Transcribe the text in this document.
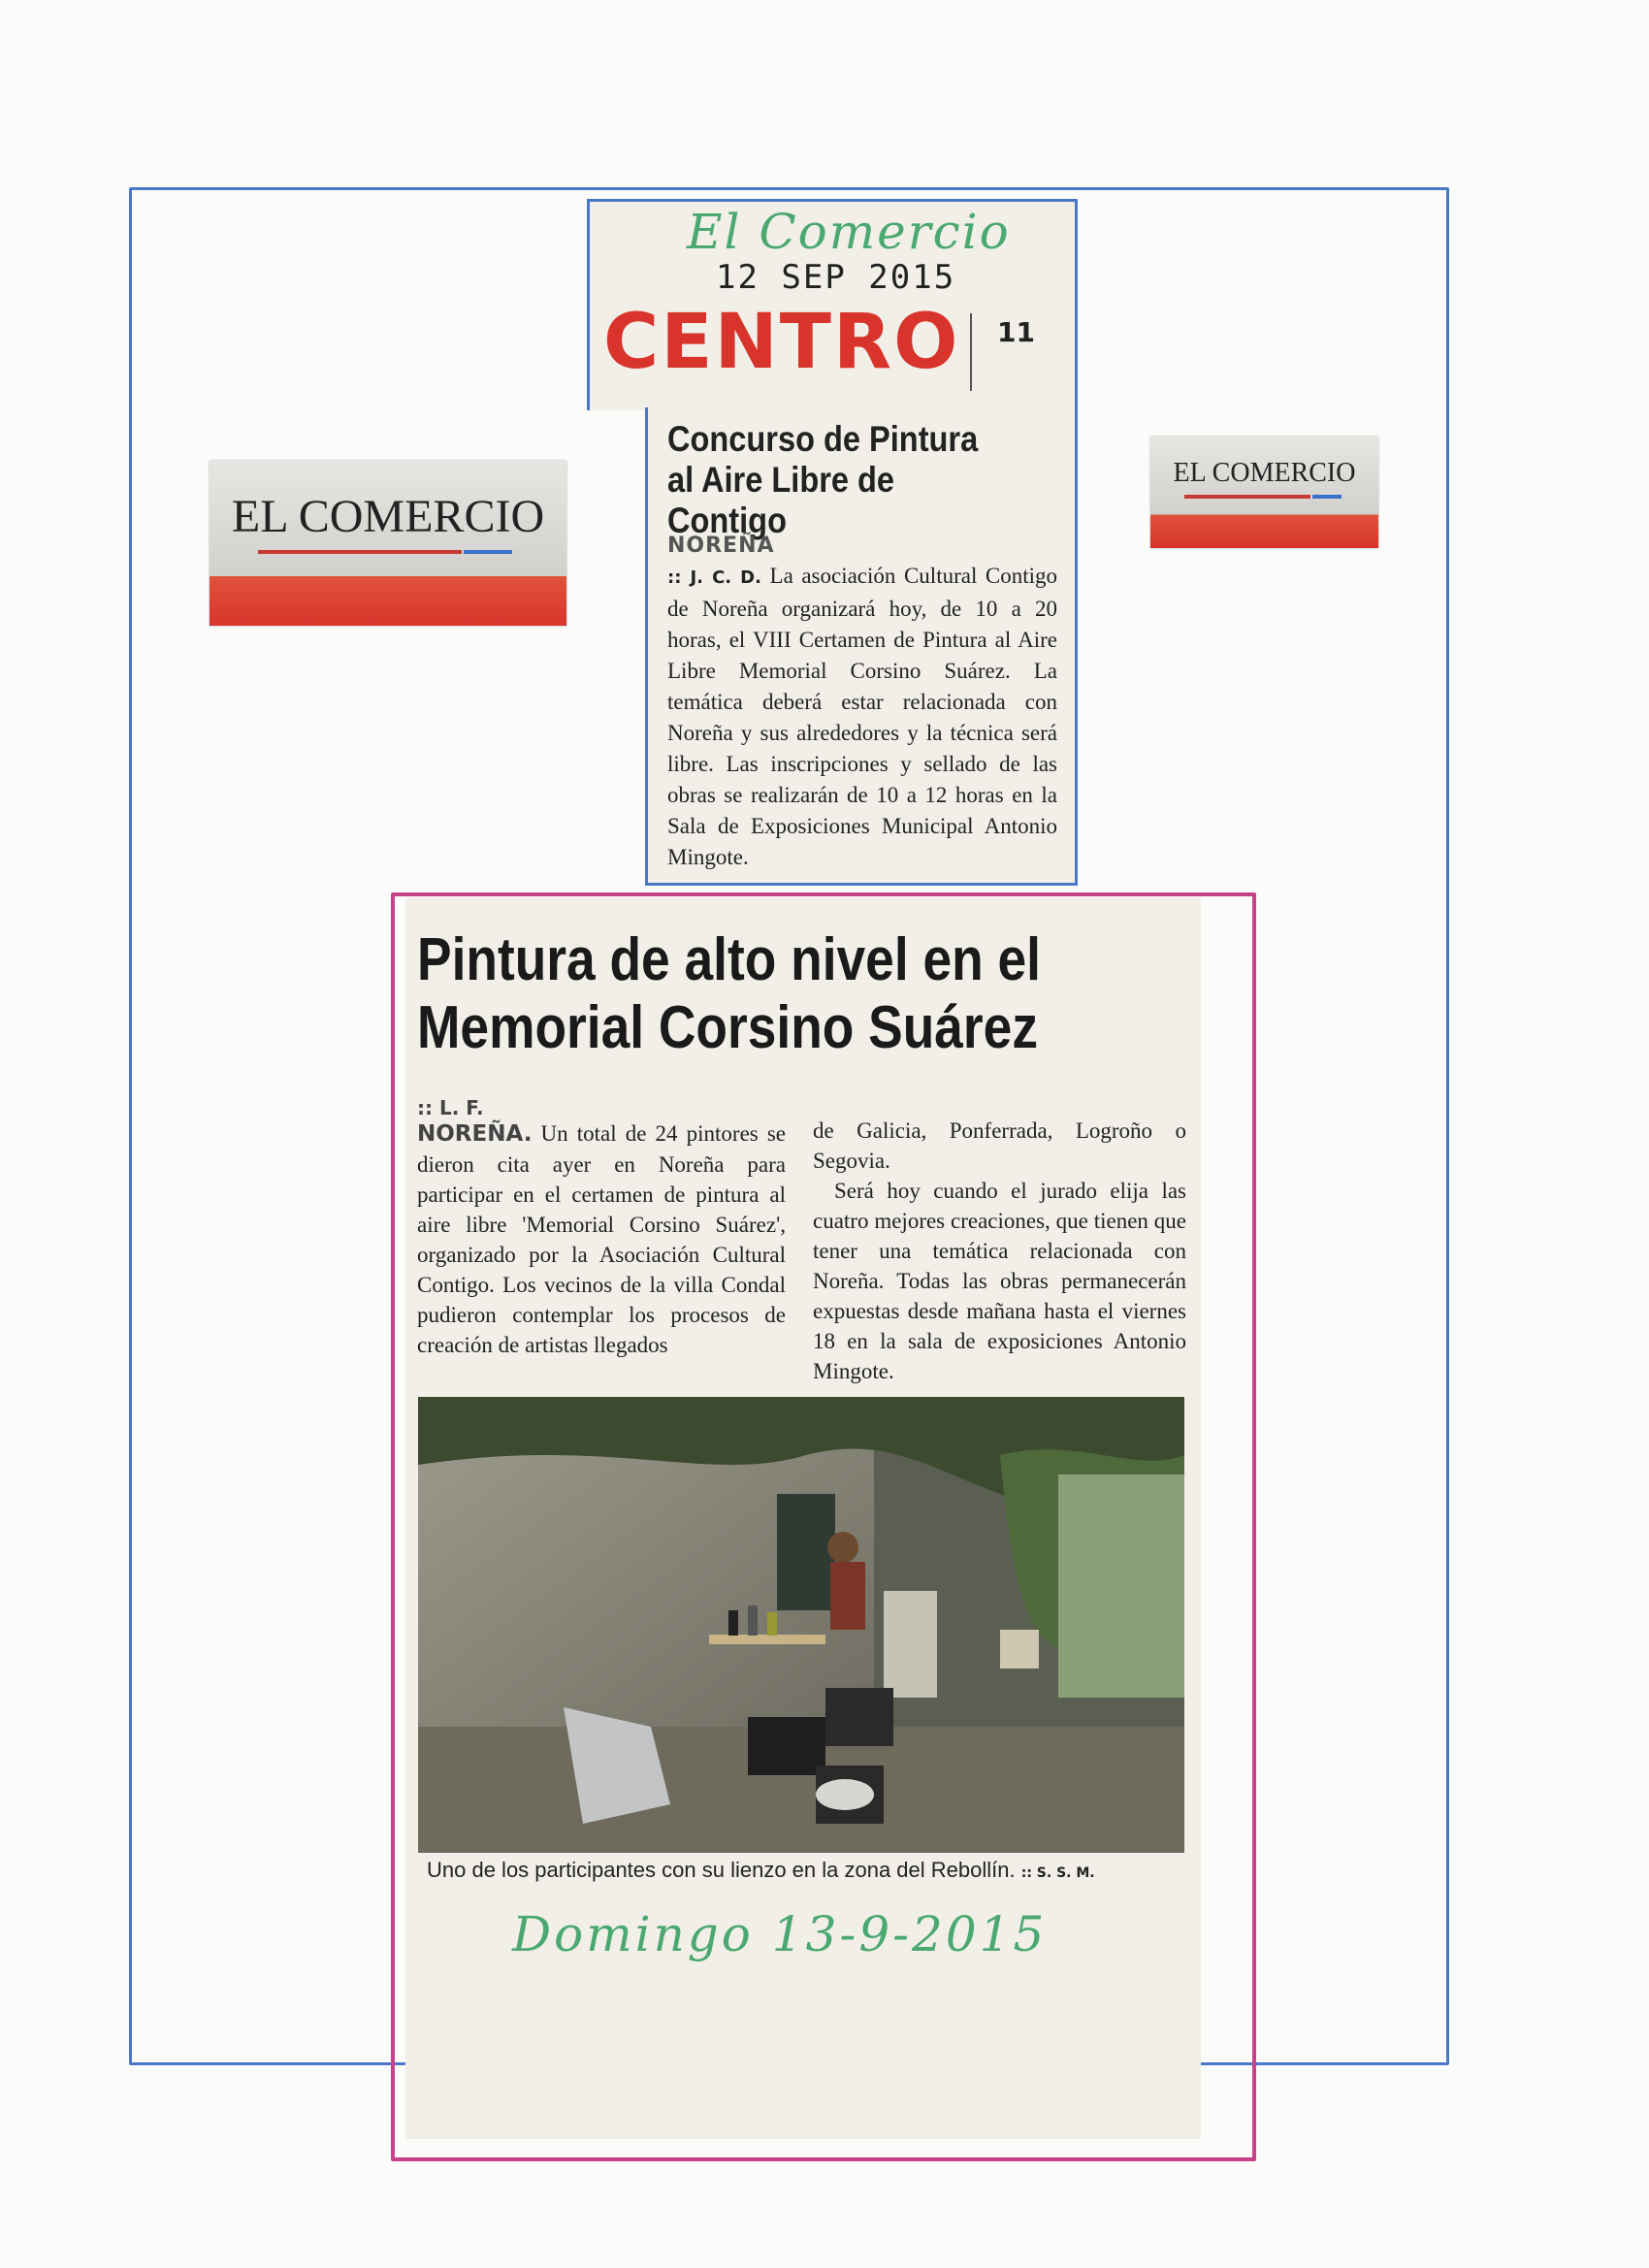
El Comercio
12 SEP 2015
CENTRO 11
Concurso de Pintura al Aire Libre de Contigo
NOREÑA
:: J. C. D. La asociación Cultural Contigo de Noreña organizará hoy, de 10 a 20 horas, el VIII Certamen de Pintura al Aire Libre Memorial Corsino Suárez. La temática deberá estar relacionada con Noreña y sus alrededores y la técnica será libre. Las inscripciones y sellado de las obras se realizarán de 10 a 12 horas en la Sala de Exposiciones Municipal Antonio Mingote.
EL COMERCIO
EL COMERCIO
Pintura de alto nivel en el Memorial Corsino Suárez
:: L. F.

NOREÑA. Un total de 24 pintores se dieron cita ayer en Noreña para participar en el certamen de pintura al aire libre 'Memorial Corsino Suárez', organizado por la Asociación Cultural Contigo. Los vecinos de la villa Condal pudieron contemplar los procesos de creación de artistas llegados

de Galicia, Ponferrada, Logroño o Segovia.

Será hoy cuando el jurado elija las cuatro mejores creaciones, que tienen que tener una temática relacionada con Noreña. Todas las obras permanecerán expuestas desde mañana hasta el viernes 18 en la sala de exposiciones Antonio Mingote.

Uno de los participantes con su lienzo en la zona del Rebollín. :: S. S. M.
Domingo 13-9-2015
